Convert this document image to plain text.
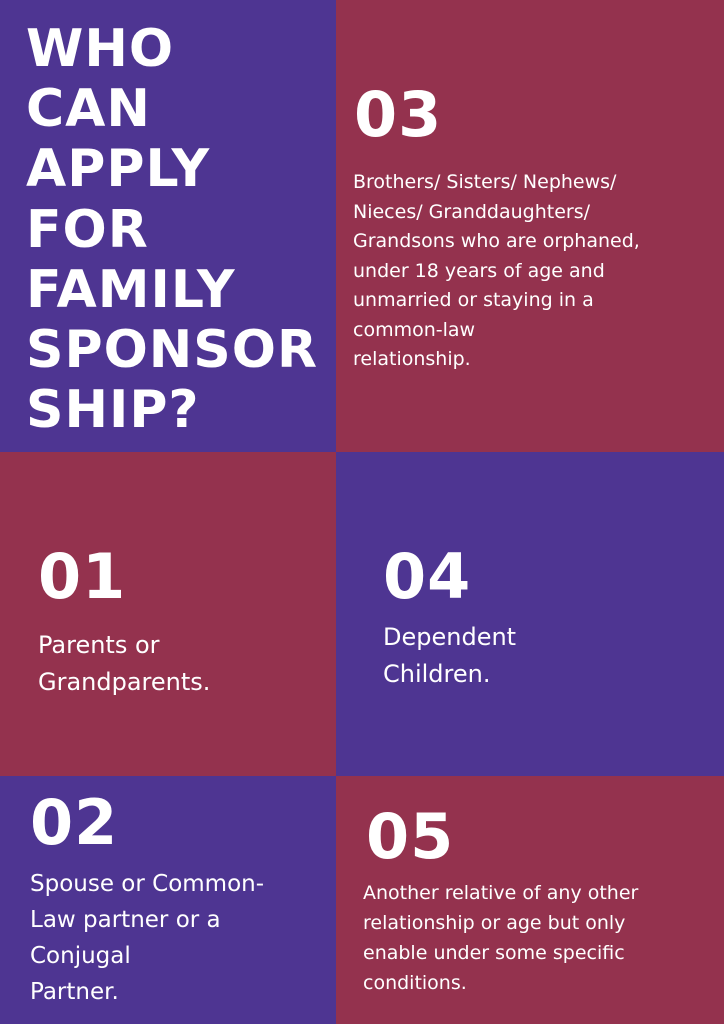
WHO
CAN
APPLY
FOR
FAMILY
SPONSOR
SHIP?
03
Brothers/ Sisters/ Nephews/
Nieces/ Granddaughters/
Grandsons who are orphaned,
under 18 years of age and
unmarried or staying in a
common-law
relationship.
01
Parents or
Grandparents.
04
Dependent
Children.
02
Spouse or Common-
Law partner or a
Conjugal
Partner.
05
Another relative of any other
relationship or age but only
enable under some specific
conditions.
